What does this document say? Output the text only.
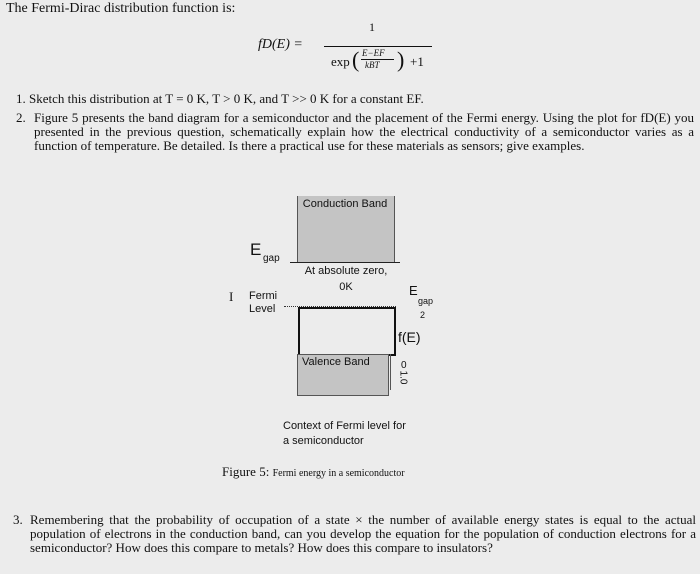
The Fermi-Dirac distribution function is:
fD(E) =
1
exp ( E−EF
kBT ) +1
1. Sketch this distribution at T = 0 K, T > 0 K, and T >> 0 K for a constant EF.
2. Figure 5 presents the band diagram for a semiconductor and the placement of the Fermi energy. Using the plot for fD(E) you presented in the previous question, schematically explain how the electrical conductivity of a semiconductor varies as a function of temperature. Be detailed. Is there a practical use for these materials as sensors; give examples.
Conduction Band
E gap
At absolute zero, 0K
I Fermi Level
E
gap
2
f(E)
Valence Band	0
1.0
Context of Fermi level for a semiconductor
Figure 5: Fermi energy in a semiconductor
3. Remembering that the probability of occupation of a state × the number of available energy states is equal to the actual population of electrons in the conduction band, can you develop the equation for the population of conduction electrons for a semiconductor? How does this compare to metals? How does this compare to insulators?
